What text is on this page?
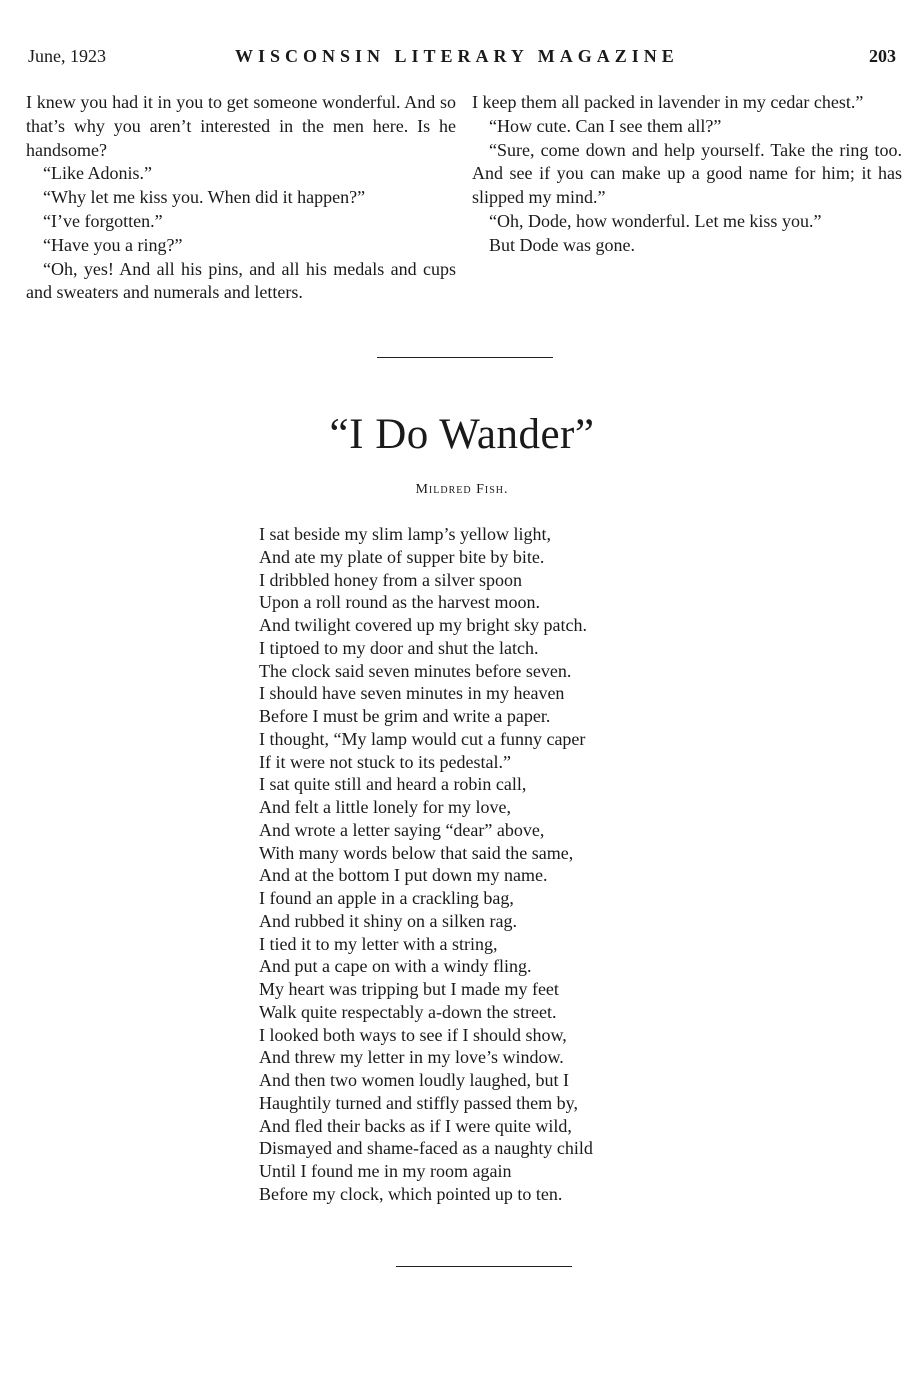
June, 1923	WISCONSIN LITERARY MAGAZINE	203

I knew you had it in you to get someone wonderful. And so that’s why you aren’t interested in the men here. Is he handsome?

“Like Adonis.”

“Why let me kiss you. When did it happen?”

“I’ve forgotten.”

“Have you a ring?”

“Oh, yes! And all his pins, and all his medals and cups and sweaters and numerals and letters.

I keep them all packed in lavender in my cedar chest.”

“How cute. Can I see them all?”

“Sure, come down and help yourself. Take the ring too. And see if you can make up a good name for him; it has slipped my mind.”

“Oh, Dode, how wonderful. Let me kiss you.”

But Dode was gone.

“I Do Wander”
Mildred Fish.
I sat beside my slim lamp’s yellow light,
And ate my plate of supper bite by bite.
I dribbled honey from a silver spoon
Upon a roll round as the harvest moon.
And twilight covered up my bright sky patch.
I tiptoed to my door and shut the latch.
The clock said seven minutes before seven.
I should have seven minutes in my heaven
Before I must be grim and write a paper.
I thought, “My lamp would cut a funny caper
If it were not stuck to its pedestal.”
I sat quite still and heard a robin call,
And felt a little lonely for my love,
And wrote a letter saying “dear” above,
With many words below that said the same,
And at the bottom I put down my name.
I found an apple in a crackling bag,
And rubbed it shiny on a silken rag.
I tied it to my letter with a string,
And put a cape on with a windy fling.
My heart was tripping but I made my feet
Walk quite respectably a-down the street.
I looked both ways to see if I should show,
And threw my letter in my love’s window.
And then two women loudly laughed, but I
Haughtily turned and stiffly passed them by,
And fled their backs as if I were quite wild,
Dismayed and shame-faced as a naughty child
Until I found me in my room again
Before my clock, which pointed up to ten.
